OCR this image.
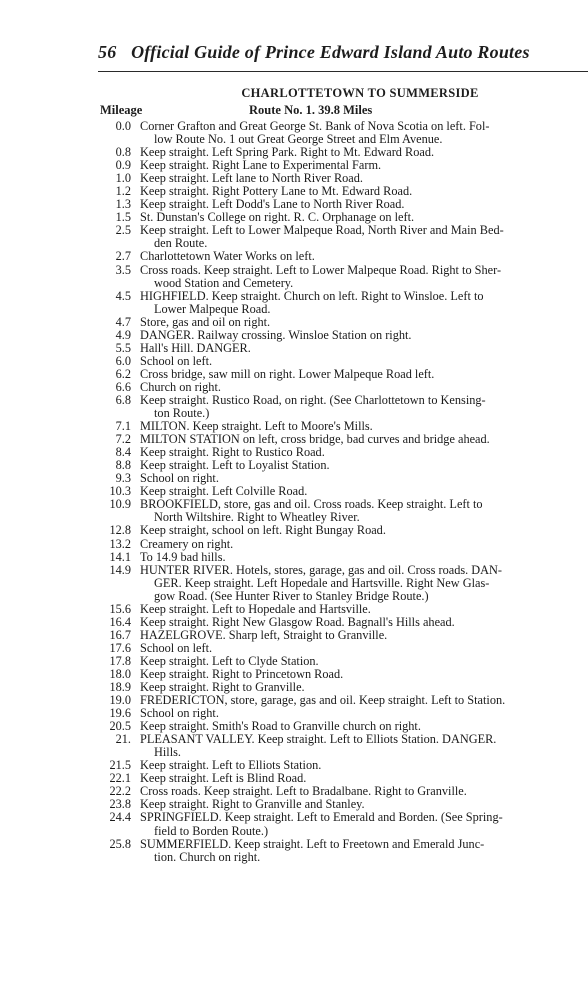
56 Official Guide of Prince Edward Island Auto Routes
CHARLOTTETOWN TO SUMMERSIDE
Mileage	Route No. 1. 39.8 Miles
0.0 Corner Grafton and Great George St. Bank of Nova Scotia on left. Fol-
low Route No. 1 out Great George Street and Elm Avenue.
0.8 Keep straight. Left Spring Park. Right to Mt. Edward Road.
0.9 Keep straight. Right Lane to Experimental Farm.
1.0 Keep straight. Left lane to North River Road.
1.2 Keep straight. Right Pottery Lane to Mt. Edward Road.
1.3 Keep straight. Left Dodd's Lane to North River Road.
1.5 St. Dunstan's College on right. R. C. Orphanage on left.
2.5 Keep straight. Left to Lower Malpeque Road, North River and Main Bed-
den Route.
2.7 Charlottetown Water Works on left.
3.5 Cross roads. Keep straight. Left to Lower Malpeque Road. Right to Sher-
wood Station and Cemetery.
4.5 HIGHFIELD. Keep straight. Church on left. Right to Winsloe. Left to
Lower Malpeque Road.
4.7 Store, gas and oil on right.
4.9 DANGER. Railway crossing. Winsloe Station on right.
5.5 Hall's Hill. DANGER.
6.0 School on left.
6.2 Cross bridge, saw mill on right. Lower Malpeque Road left.
6.6 Church on right.
6.8 Keep straight. Rustico Road, on right. (See Charlottetown to Kensing-
ton Route.)
7.1 MILTON. Keep straight. Left to Moore's Mills.
7.2 MILTON STATION on left, cross bridge, bad curves and bridge ahead.
8.4 Keep straight. Right to Rustico Road.
8.8 Keep straight. Left to Loyalist Station.
9.3 School on right.
10.3 Keep straight. Left Colville Road.
10.9 BROOKFIELD, store, gas and oil. Cross roads. Keep straight. Left to
North Wiltshire. Right to Wheatley River.
12.8 Keep straight, school on left. Right Bungay Road.
13.2 Creamery on right.
14.1 To 14.9 bad hills.
14.9 HUNTER RIVER. Hotels, stores, garage, gas and oil. Cross roads. DAN-
GER. Keep straight. Left Hopedale and Hartsville. Right New Glas-
gow Road. (See Hunter River to Stanley Bridge Route.)
15.6 Keep straight. Left to Hopedale and Hartsville.
16.4 Keep straight. Right New Glasgow Road. Bagnall's Hills ahead.
16.7 HAZELGROVE. Sharp left, Straight to Granville.
17.6 School on left.
17.8 Keep straight. Left to Clyde Station.
18.0 Keep straight. Right to Princetown Road.
18.9 Keep straight. Right to Granville.
19.0 FREDERICTON, store, garage, gas and oil. Keep straight. Left to Station.
19.6 School on right.
20.5 Keep straight. Smith's Road to Granville church on right.
21. PLEASANT VALLEY. Keep straight. Left to Elliots Station. DANGER.
Hills.
21.5 Keep straight. Left to Elliots Station.
22.1 Keep straight. Left is Blind Road.
22.2 Cross roads. Keep straight. Left to Bradalbane. Right to Granville.
23.8 Keep straight. Right to Granville and Stanley.
24.4 SPRINGFIELD. Keep straight. Left to Emerald and Borden. (See Spring-
field to Borden Route.)
25.8 SUMMERFIELD. Keep straight. Left to Freetown and Emerald Junc-
tion. Church on right.
